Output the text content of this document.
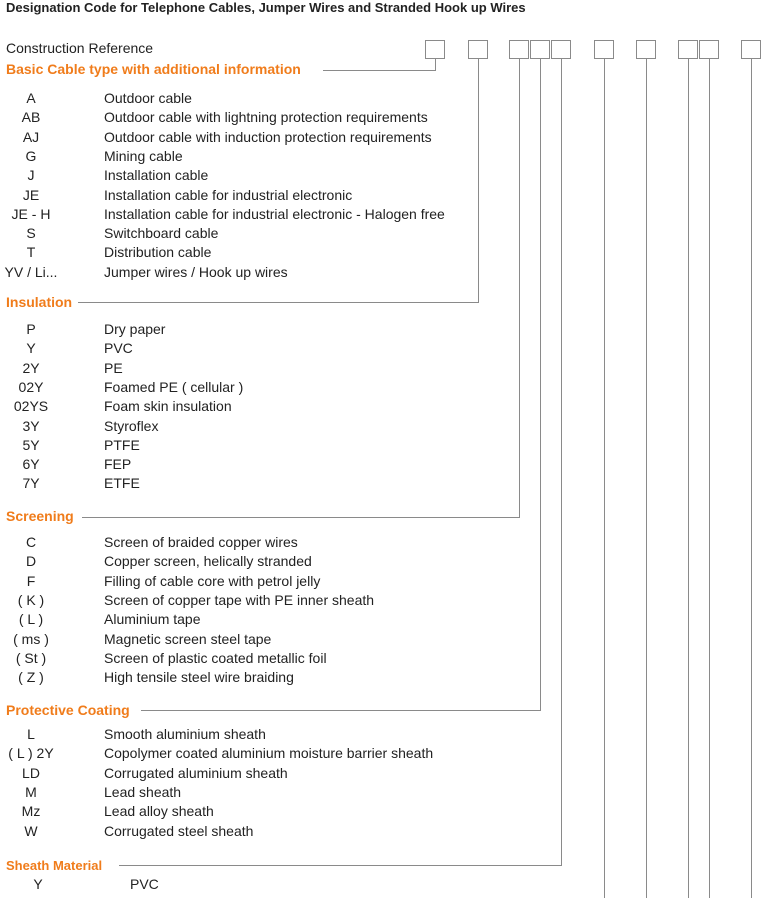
Designation Code for Telephone Cables, Jumper Wires and Stranded Hook up Wires
Construction Reference
Basic Cable type with additional information
Insulation
Screening
Protective Coating
Sheath Material
A	Outdoor cable
AB	Outdoor cable with lightning protection requirements
AJ	Outdoor cable with induction protection requirements
G	Mining cable
J	Installation cable
JE	Installation cable for industrial electronic
JE - H	Installation cable for industrial electronic - Halogen free
S	Switchboard cable
T	Distribution cable
YV / Li...	Jumper wires / Hook up wires
P	Dry paper
Y	PVC
2Y	PE
02Y	Foamed PE ( cellular )
02YS	Foam skin insulation
3Y	Styroflex
5Y	PTFE
6Y	FEP
7Y	ETFE
C	Screen of braided copper wires
D	Copper screen, helically stranded
F	Filling of cable core with petrol jelly
( K )	Screen of copper tape with PE inner sheath
( L )	Aluminium tape
( ms )	Magnetic screen steel tape
( St )	Screen of plastic coated metallic foil
( Z )	High tensile steel wire braiding
L	Smooth aluminium sheath
( L ) 2Y	Copolymer coated aluminium moisture barrier sheath
LD	Corrugated aluminium sheath
M	Lead sheath
Mz	Lead alloy sheath
W	Corrugated steel sheath
Y	PVC
